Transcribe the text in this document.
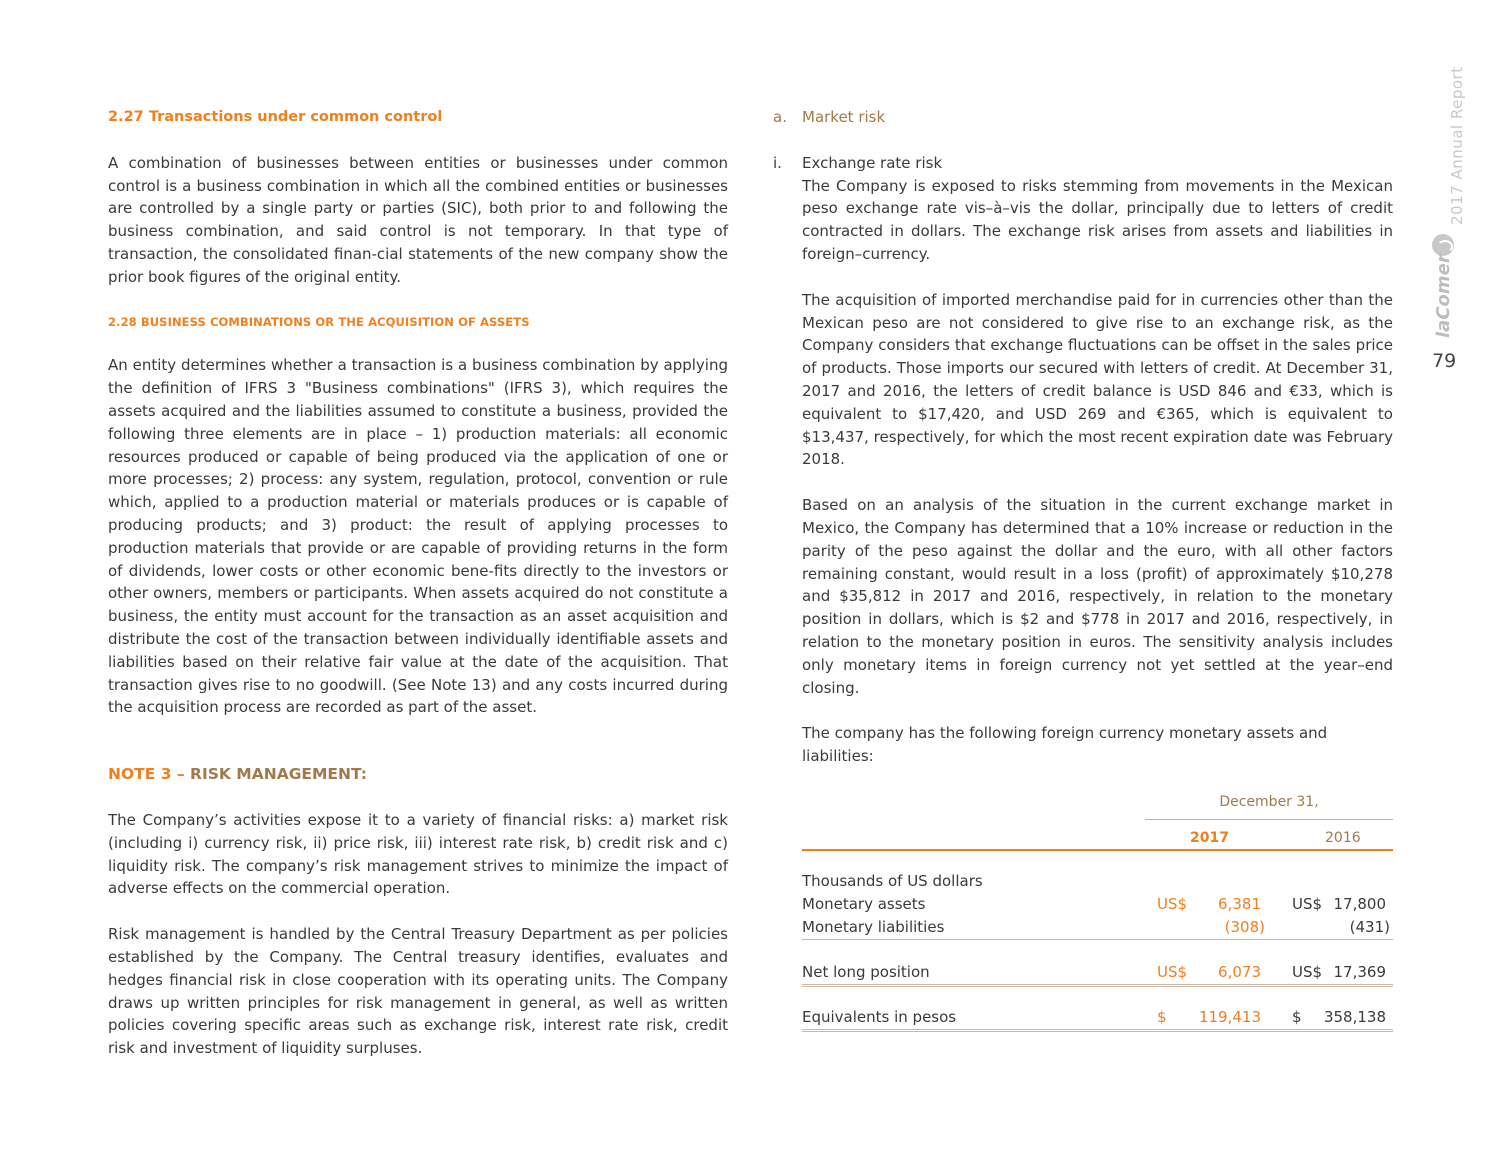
2.27 Transactions under common control

A combination of businesses between entities or businesses under common control is a business combination in which all the combined entities or businesses are controlled by a single party or parties (SIC), both prior to and following the business combination, and said control is not temporary. In that type of transaction, the consolidated finan-cial statements of the new company show the prior book figures of the original entity.

2.28 BUSINESS COMBINATIONS OR THE ACQUISITION OF ASSETS

An entity determines whether a transaction is a business combination by applying the definition of IFRS 3 "Business combinations" (IFRS 3), which requires the assets acquired and the liabilities assumed to constitute a business, provided the following three elements are in place – 1) production materials: all economic resources produced or capable of being produced via the application of one or more processes; 2) process: any system, regulation, protocol, convention or rule which, applied to a production material or materials produces or is capable of producing products; and 3) product: the result of applying processes to production materials that provide or are capable of providing returns in the form of dividends, lower costs or other economic bene-fits directly to the investors or other owners, members or participants. When assets acquired do not constitute a business, the entity must account for the transaction as an asset acquisition and distribute the cost of the transaction between individually identifiable assets and liabilities based on their relative fair value at the date of the acquisition. That transaction gives rise to no goodwill. (See Note 13) and any costs incurred during the acquisition process are recorded as part of the asset.

NOTE 3 – RISK MANAGEMENT:

The Company’s activities expose it to a variety of financial risks: a) market risk (including i) currency risk, ii) price risk, iii) interest rate risk, b) credit risk and c) liquidity risk. The company’s risk management strives to minimize the impact of adverse effects on the commercial operation.

Risk management is handled by the Central Treasury Department as per policies established by the Company. The Central treasury identifies, evaluates and hedges financial risk in close cooperation with its operating units. The Company draws up written principles for risk management in general, as well as written policies covering specific areas such as exchange risk, interest rate risk, credit risk and investment of liquidity surpluses.

a. Market risk
i. Exchange rate risk

The Company is exposed to risks stemming from movements in the Mexican peso exchange rate vis–à–vis the dollar, principally due to letters of credit contracted in dollars. The exchange risk arises from assets and liabilities in foreign–currency.

The acquisition of imported merchandise paid for in currencies other than the Mexican peso are not considered to give rise to an exchange risk, as the Company considers that exchange fluctuations can be offset in the sales price of products. Those imports our secured with letters of credit. At December 31, 2017 and 2016, the letters of credit balance is USD 846 and €33, which is equivalent to $17,420, and USD 269 and €365, which is equivalent to $13,437, respectively, for which the most recent expiration date was February 2018.

Based on an analysis of the situation in the current exchange market in Mexico, the Company has determined that a 10% increase or reduction in the parity of the peso against the dollar and the euro, with all other factors remaining constant, would result in a loss (profit) of approximately $10,278 and $35,812 in 2017 and 2016, respectively, in relation to the monetary position in dollars, which is $2 and $778 in 2017 and 2016, respectively, in relation to the monetary position in euros. The sensitivity analysis includes only monetary items in foreign currency not yet settled at the year–end closing.

The company has the following foreign currency monetary assets and liabilities:

December 31,
2017	2016
Thousands of US dollars
Monetary assets	US$ 6,381 US$ 17,800
Monetary liabilities	(308)	(431)
Net long position	US$ 6,073 US$ 17,369
Equivalents in pesos	$ 119,413 $ 358,138
2017 Annual Report
laComer
79
